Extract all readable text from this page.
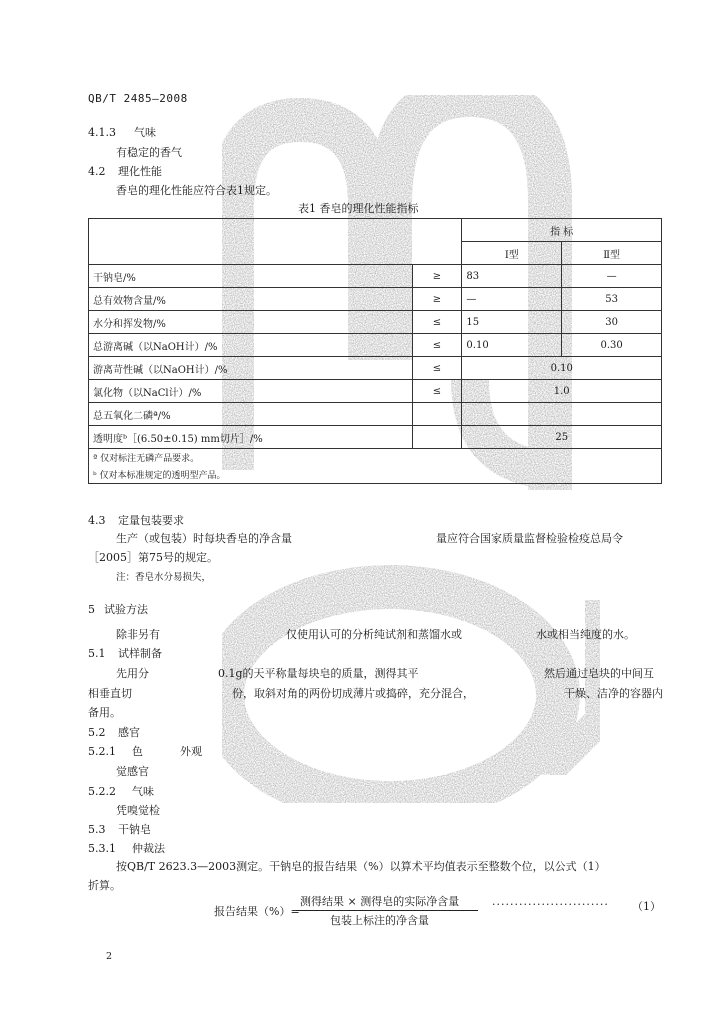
QB/T 2485—2008
4.1.3 气味
有稳定的香气
4.2 理化性能
香皂的理化性能应符合表1规定。
表1 香皂的理化性能指标
		指 标	
		Ⅰ型	Ⅱ型
干钠皂/%	≥	83	—
总有效物含量/%	≥	—	53
水分和挥发物/%	≤	15	30
总游离碱（以NaOH计）/%	≤	0.10	0.30
游离苛性碱（以NaOH计）/%	≤	0.10	
氯化物（以NaCl计）/%	≤	1.0	
总五氧化二磷ª/%			
透明度ᵇ［(6.50±0.15) mm切片］/%		25	
ª 仅对标注无磷产品要求。			
ᵇ 仅对本标准规定的透明型产品。			
4.3 定量包装要求
生产（或包装）时每块香皂的净含量	量应符合国家质量监督检验检疫总局令
［2005］第75号的规定。
注：香皂水分易损失，
5 试验方法
除非另有	仅使用认可的分析纯试剂和蒸馏水或	水或相当纯度的水。
5.1 试样制备
先用分	0.1g的天平称量每块皂的质量，测得其平	然后通过皂块的中间互
相垂直切	份，取斜对角的两份切成薄片或捣碎，充分混合，	干燥、洁净的容器内
备用。
5.2 感官
5.2.1 色	外观
觉感官
5.2.2 气味
凭嗅觉检
5.3 干钠皂
5.3.1 仲裁法
按QB/T 2623.3—2003测定。干钠皂的报告结果（%）以算术平均值表示至整数个位，以公式（1）
折算。
报告结果（%）=
测得结果 × 测得皂的实际净含量
包装上标注的净含量
·························· （1）
2
